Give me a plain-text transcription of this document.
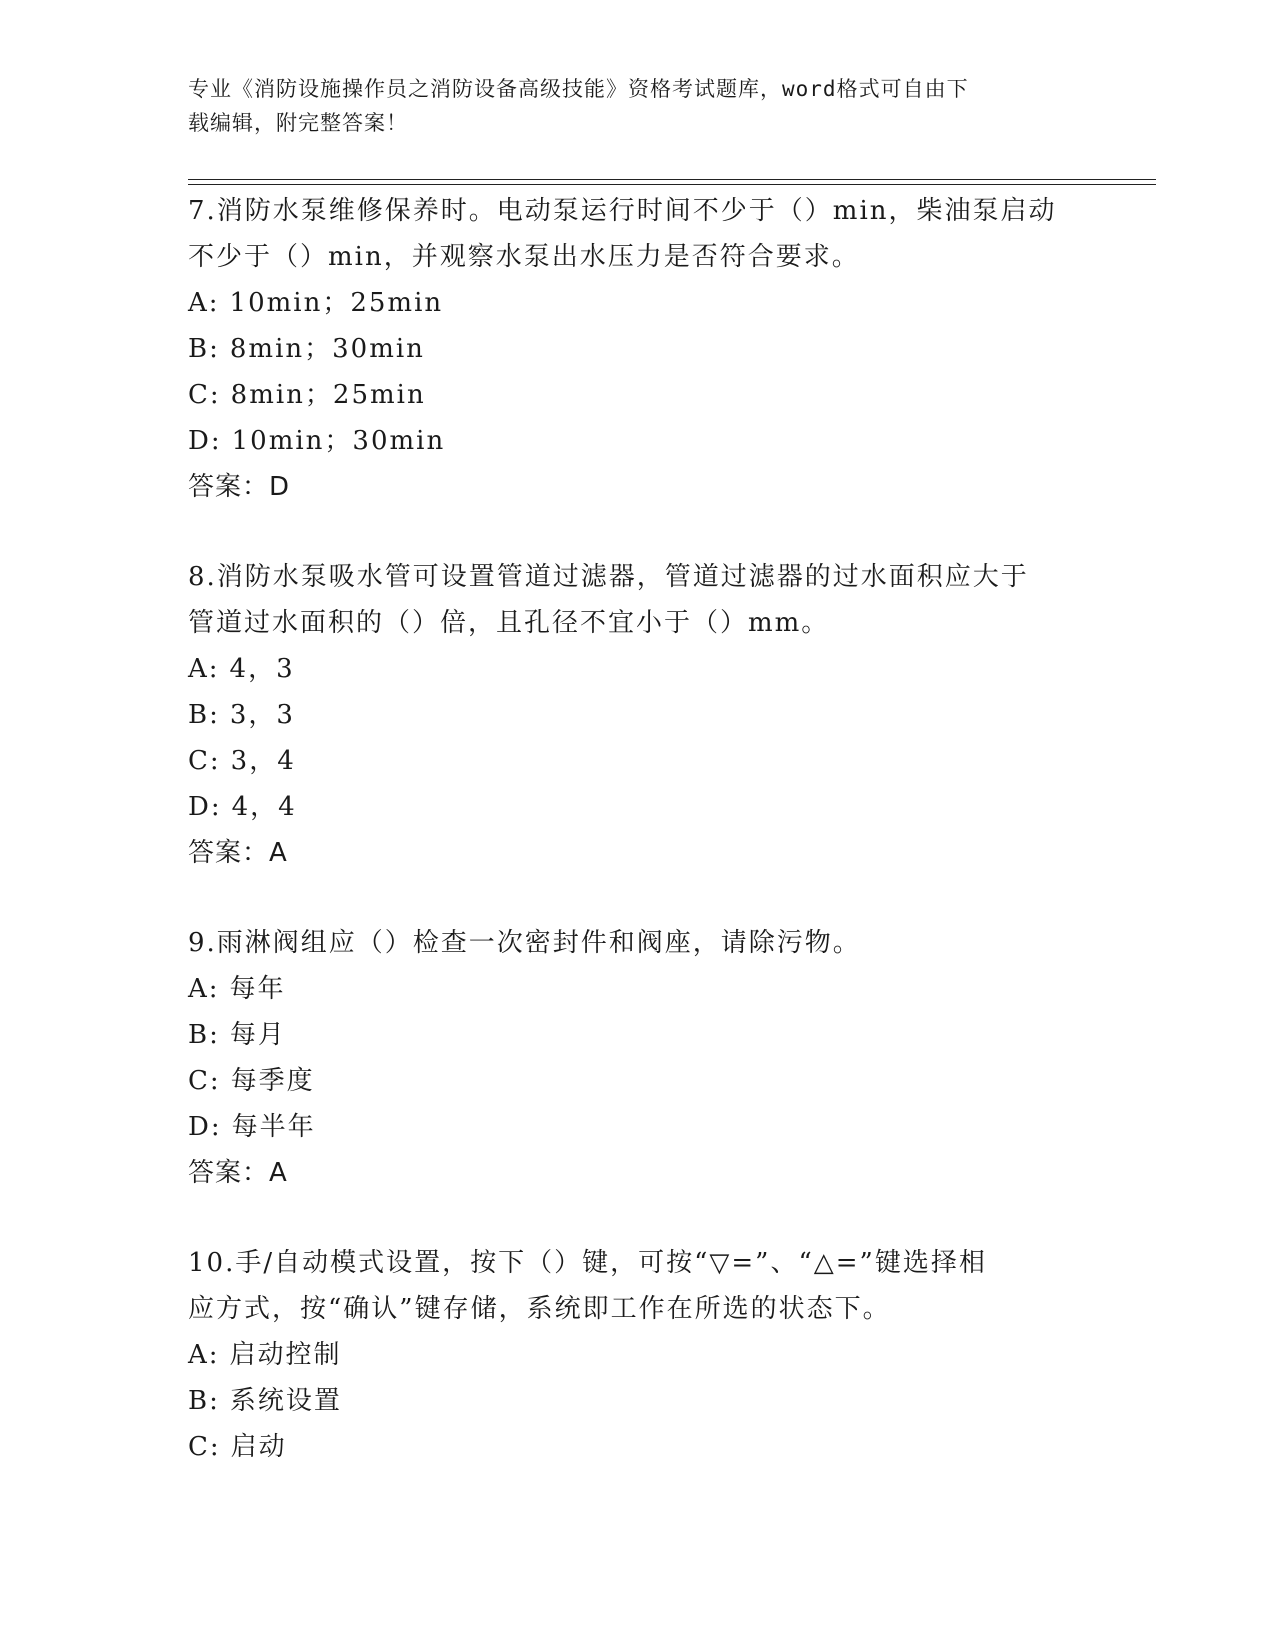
专业《消防设施操作员之消防设备高级技能》资格考试题库，word格式可自由下
载编辑，附完整答案！
7.消防水泵维修保养时。电动泵运行时间不少于（）min，柴油泵启动
不少于（）min，并观察水泵出水压力是否符合要求。
A: 10min；25min
B: 8min；30min
C: 8min；25min
D: 10min；30min
答案：D
8.消防水泵吸水管可设置管道过滤器，管道过滤器的过水面积应大于
管道过水面积的（）倍，且孔径不宜小于（）mm。
A: 4，3
B: 3，3
C: 3，4
D: 4，4
答案：A
9.雨淋阀组应（）检查一次密封件和阀座，请除污物。
A: 每年
B: 每月
C: 每季度
D: 每半年
答案：A
10.手/自动模式设置，按下（）键，可按“▽=”、“△=”键选择相
应方式，按“确认”键存储，系统即工作在所选的状态下。
A: 启动控制
B: 系统设置
C: 启动
